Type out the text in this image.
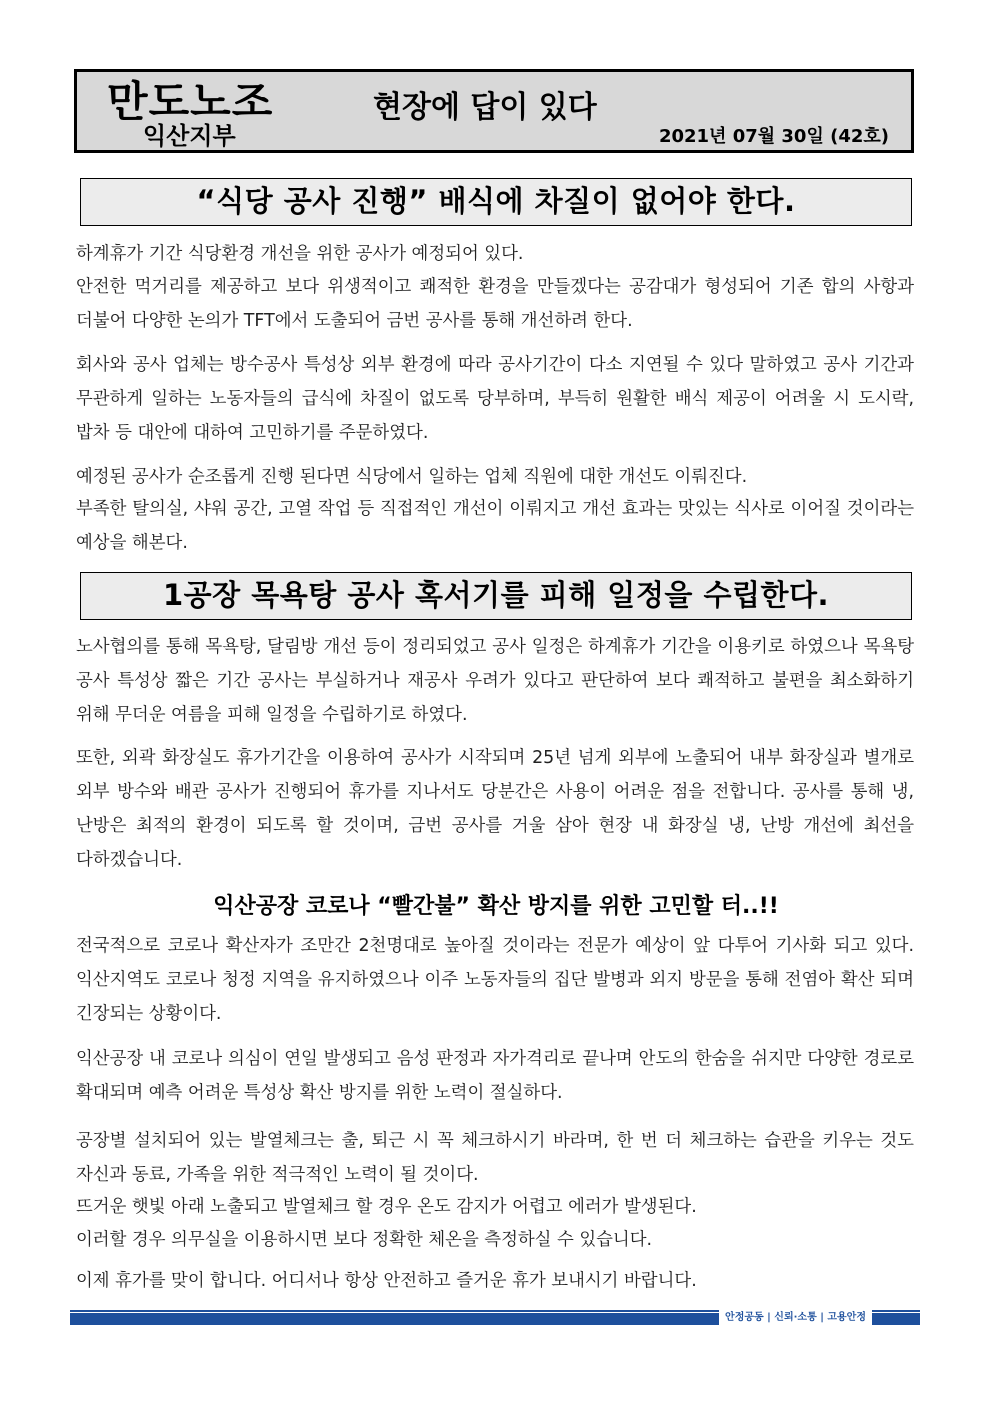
만도노조
익산지부
현장에 답이 있다
2021년 07월 30일 (42호)
“식당 공사 진행” 배식에 차질이 없어야 한다.

하계휴가 기간 식당환경 개선을 위한 공사가 예정되어 있다.

안전한 먹거리를 제공하고 보다 위생적이고 쾌적한 환경을 만들겠다는 공감대가 형성되어 기존 합의 사항과 더불어 다양한 논의가 TFT에서 도출되어 금번 공사를 통해 개선하려 한다.

회사와 공사 업체는 방수공사 특성상 외부 환경에 따라 공사기간이 다소 지연될 수 있다 말하였고 공사 기간과 무관하게 일하는 노동자들의 급식에 차질이 없도록 당부하며, 부득히 원활한 배식 제공이 어려울 시 도시락, 밥차 등 대안에 대하여 고민하기를 주문하였다.

예정된 공사가 순조롭게 진행 된다면 식당에서 일하는 업체 직원에 대한 개선도 이뤄진다.

부족한 탈의실, 샤워 공간, 고열 작업 등 직접적인 개선이 이뤄지고 개선 효과는 맛있는 식사로 이어질 것이라는 예상을 해본다.

1공장 목욕탕 공사 혹서기를 피해 일정을 수립한다.

노사협의를 통해 목욕탕, 달림방 개선 등이 정리되었고 공사 일정은 하계휴가 기간을 이용키로 하였으나 목욕탕 공사 특성상 짧은 기간 공사는 부실하거나 재공사 우려가 있다고 판단하여 보다 쾌적하고 불편을 최소화하기 위해 무더운 여름을 피해 일정을 수립하기로 하였다.

또한, 외곽 화장실도 휴가기간을 이용하여 공사가 시작되며 25년 넘게 외부에 노출되어 내부 화장실과 별개로 외부 방수와 배관 공사가 진행되어 휴가를 지나서도 당분간은 사용이 어려운 점을 전합니다. 공사를 통해 냉, 난방은 최적의 환경이 되도록 할 것이며, 금번 공사를 거울 삼아 현장 내 화장실 냉, 난방 개선에 최선을 다하겠습니다.

익산공장 코로나 “빨간불” 확산 방지를 위한 고민할 터..!!

전국적으로 코로나 확산자가 조만간 2천명대로 높아질 것이라는 전문가 예상이 앞 다투어 기사화 되고 있다. 익산지역도 코로나 청정 지역을 유지하였으나 이주 노동자들의 집단 발병과 외지 방문을 통해 전염아 확산 되며 긴장되는 상황이다.

익산공장 내 코로나 의심이 연일 발생되고 음성 판정과 자가격리로 끝나며 안도의 한숨을 쉬지만 다양한 경로로 확대되며 예측 어려운 특성상 확산 방지를 위한 노력이 절실하다.

공장별 설치되어 있는 발열체크는 출, 퇴근 시 꼭 체크하시기 바라며, 한 번 더 체크하는 습관을 키우는 것도 자신과 동료, 가족을 위한 적극적인 노력이 될 것이다.

뜨거운 햇빛 아래 노출되고 발열체크 할 경우 온도 감지가 어렵고 에러가 발생된다.

이러할 경우 의무실을 이용하시면 보다 정확한 체온을 측정하실 수 있습니다.

이제 휴가를 맞이 합니다. 어디서나 항상 안전하고 즐거운 휴가 보내시기 바랍니다.

안정공동 | 신뢰·소통 | 고용안정
